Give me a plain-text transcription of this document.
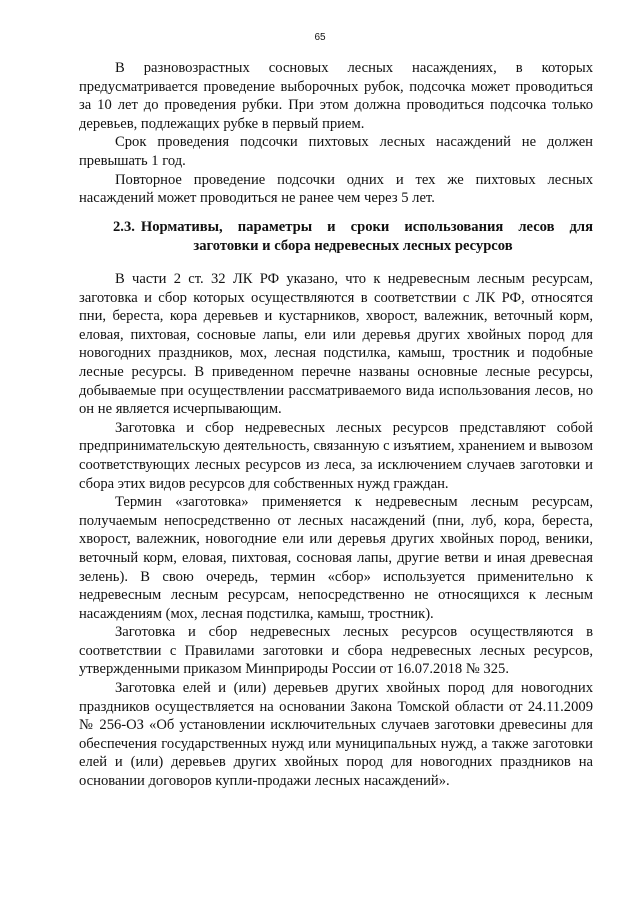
65

В разновозрастных сосновых лесных насаждениях, в которых предусматривается проведение выборочных рубок, подсочка может проводиться за 10 лет до проведения рубки. При этом должна проводиться подсочка только деревьев, подлежащих рубке в первый прием.

Срок проведения подсочки пихтовых лесных насаждений не должен превышать 1 год.

Повторное проведение подсочки одних и тех же пихтовых лесных насаждений может проводиться не ранее чем через 5 лет.

2.3. Нормативы, параметры и сроки использования лесов для заготовки и сбора недревесных лесных ресурсов

В части 2 ст. 32 ЛК РФ указано, что к недревесным лесным ресурсам, заготовка и сбор которых осуществляются в соответствии с ЛК РФ, относятся пни, береста, кора деревьев и кустарников, хворост, валежник, веточный корм, еловая, пихтовая, сосновые лапы, ели или деревья других хвойных пород для новогодних праздников, мох, лесная подстилка, камыш, тростник и подобные лесные ресурсы. В приведенном перечне названы основные лесные ресурсы, добываемые при осуществлении рассматриваемого вида использования лесов, но он не является исчерпывающим.

Заготовка и сбор недревесных лесных ресурсов представляют собой предпринимательскую деятельность, связанную с изъятием, хранением и вывозом соответствующих лесных ресурсов из леса, за исключением случаев заготовки и сбора этих видов ресурсов для собственных нужд граждан.

Термин «заготовка» применяется к недревесным лесным ресурсам, получаемым непосредственно от лесных насаждений (пни, луб, кора, береста, хворост, валежник, новогодние ели или деревья других хвойных пород, веники, веточный корм, еловая, пихтовая, сосновая лапы, другие ветви и иная древесная зелень). В свою очередь, термин «сбор» используется применительно к недревесным лесным ресурсам, непосредственно не относящихся к лесным насаждениям (мох, лесная подстилка, камыш, тростник).

Заготовка и сбор недревесных лесных ресурсов осуществляются в соответствии с Правилами заготовки и сбора недревесных лесных ресурсов, утвержденными приказом Минприроды России от 16.07.2018 № 325.

Заготовка елей и (или) деревьев других хвойных пород для новогодних праздников осуществляется на основании Закона Томской области от 24.11.2009 № 256-ОЗ «Об установлении исключительных случаев заготовки древесины для обеспечения государственных нужд или муниципальных нужд, а также заготовки елей и (или) деревьев других хвойных пород для новогодних праздников на основании договоров купли-продажи лесных насаждений».
